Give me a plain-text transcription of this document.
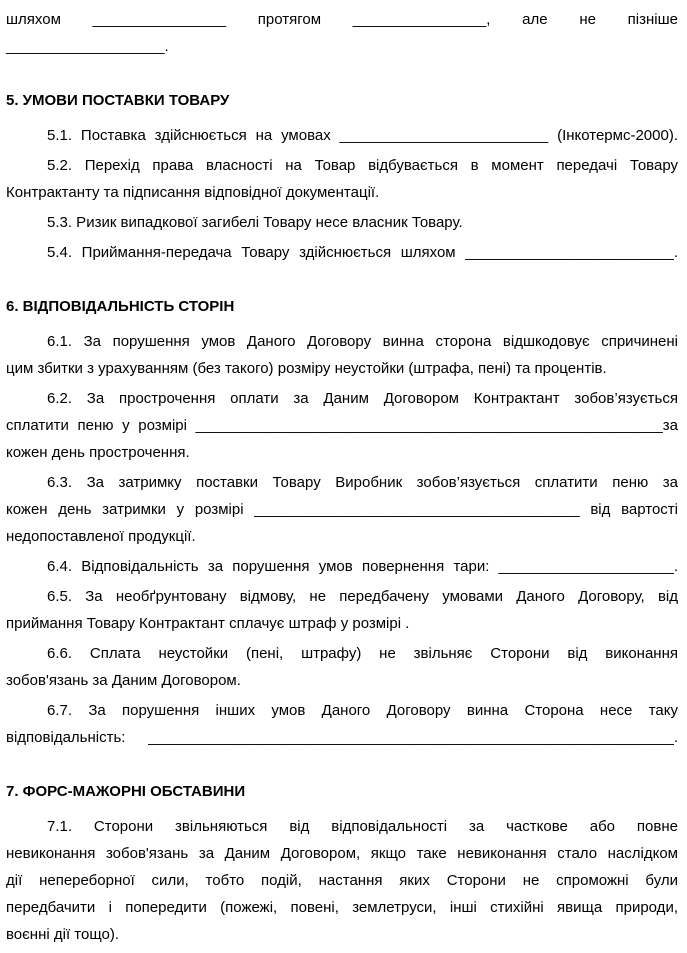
шляхом ________________ протягом ________________, але не пізніше
___________________.
5. УМОВИ ПОСТАВКИ ТОВАРУ
5.1. Поставка здійснюється на умовах _________________________ (Інкотермс-2000).
5.2. Перехід права власності на Товар відбувається в момент передачі Товару
Контрактанту та підписання відповідної документації.
5.3. Ризик випадкової загибелі Товару несе власник Товару.
5.4. Приймання-передача Товару здійснюється шляхом _________________________.
6. ВІДПОВІДАЛЬНІСТЬ СТОРІН
6.1. За порушення умов Даного Договору винна сторона відшкодовує спричинені
цим збитки з урахуванням (без такого) розміру неустойки (штрафа, пені) та процентів.
6.2. За прострочення оплати за Даним Договором Контрактант зобов’язується
сплатити пеню у розмірі ________________________________________________________за
кожен день прострочення.
6.3. За затримку поставки Товару Виробник зобов’язується сплатити пеню за
кожен день затримки у розмірі _______________________________________ від вартості
недопоставленої продукції.
6.4. Відповідальність за порушення умов повернення тари: _____________________.
6.5. За необґрунтовану відмову, не передбачену умовами Даного Договору, від
приймання Товару Контрактант сплачує штраф у розмірі .
6.6. Сплата неустойки (пені, штрафу) не звільняє Сторони від виконання
зобов'язань за Даним Договором.
6.7. За порушення інших умов Даного Договору винна Сторона несе таку
відповідальність: _______________________________________________________________.
7. ФОРС-МАЖОРНІ ОБСТАВИНИ
7.1. Сторони звільняються від відповідальності за часткове або повне
невиконання зобов'язань за Даним Договором, якщо таке невиконання стало наслідком
дії непереборної сили, тобто подій, настання яких Сторони не спроможні були
передбачити і попередити (пожежі, повені, землетруси, інші стихійні явища природи,
воєнні дії тощо).
